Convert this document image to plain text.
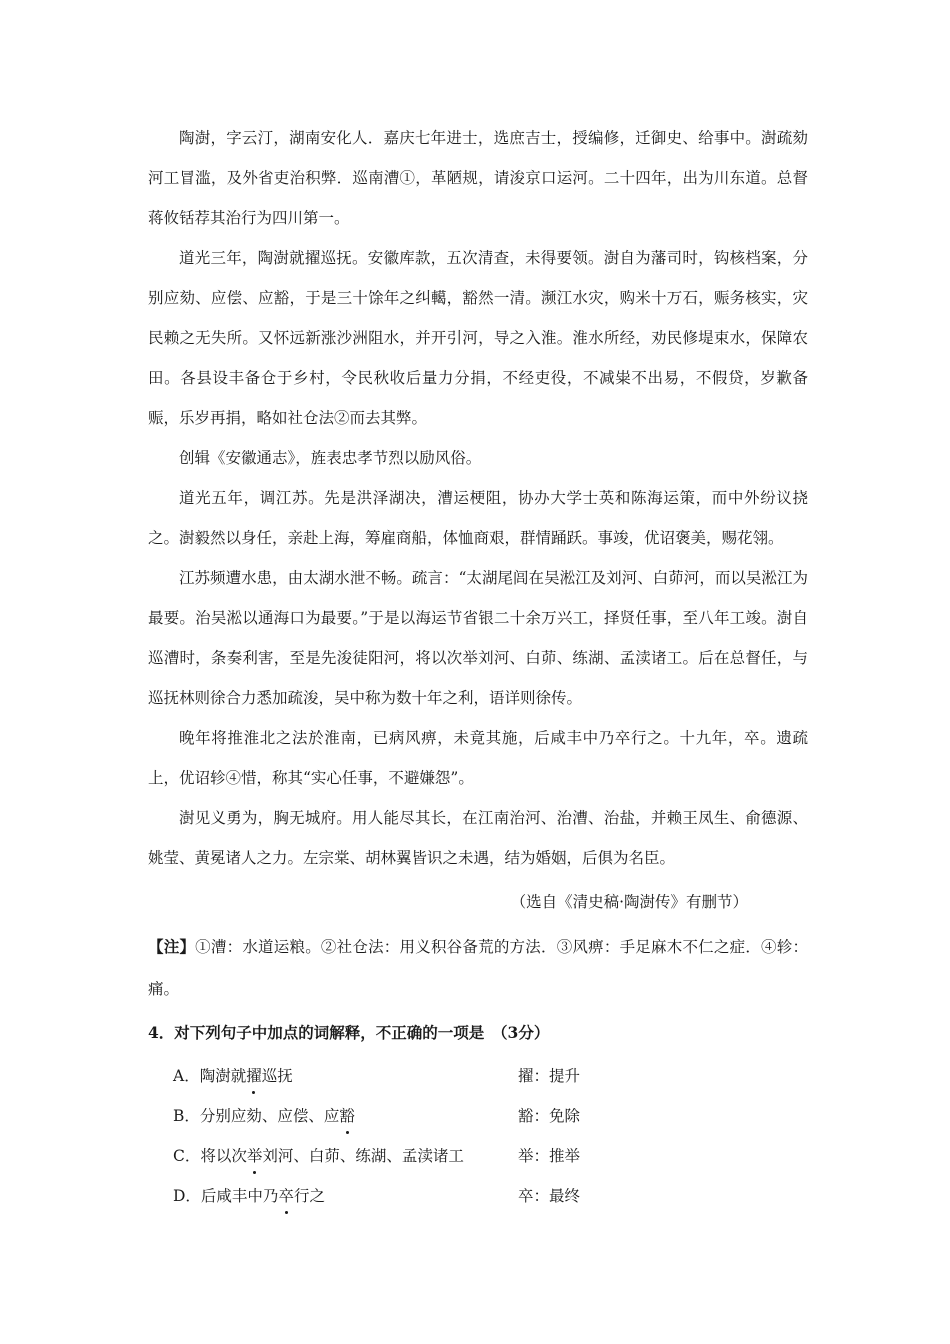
陶澍，字云汀，湖南安化人．嘉庆七年进士，选庶吉士，授编修，迁御史、给事中。澍疏劾河工冒滥，及外省吏治积弊．巡南漕①，革陋规，请浚京口运河。二十四年，出为川东道。总督蒋攸铦荐其治行为四川第一。

道光三年，陶澍就擢巡抚。安徽库款，五次清查，未得要领。澍自为藩司时，钩核档案，分别应劾、应偿、应豁，于是三十馀年之纠轕，豁然一清。濒江水灾，购米十万石，赈务核实，灾民赖之无失所。又怀远新涨沙洲阻水，并开引河，导之入淮。淮水所经，劝民修堤束水，保障农田。各县设丰备仓于乡村，令民秋收后量力分捐，不经吏役，不减粜不出易，不假贷，岁歉备赈，乐岁再捐，略如社仓法②而去其弊。

创辑《安徽通志》，旌表忠孝节烈以励风俗。

道光五年，调江苏。先是洪泽湖决，漕运梗阻，协办大学士英和陈海运策，而中外纷议挠之。澍毅然以身任，亲赴上海，筹雇商船，体恤商艰，群情踊跃。事竣，优诏褒美，赐花翎。

江苏频遭水患，由太湖水泄不畅。疏言：“太湖尾闾在吴淞江及刘河、白茆河，而以吴淞江为最要。治吴淞以通海口为最要。”于是以海运节省银二十余万兴工，择贤任事，至八年工竣。澍自巡漕时，条奏利害，至是先浚徒阳河，将以次举刘河、白茆、练湖、孟渎诸工。后在总督任，与巡抚林则徐合力悉加疏浚，吴中称为数十年之利，语详则徐传。

晚年将推淮北之法於淮南，已病风痹，未竟其施，后咸丰中乃卒行之。十九年，卒。遗疏上，优诏轸④惜，称其“实心任事，不避嫌怨”。

澍见义勇为，胸无城府。用人能尽其长，在江南治河、治漕、治盐，并赖王凤生、俞德源、姚莹、黄冕诸人之力。左宗棠、胡林翼皆识之未遇，结为婚姻，后俱为名臣。

（选自《清史稿·陶澍传》有删节）

【注】①漕：水道运粮。②社仓法：用义积谷备荒的方法．③风痹：手足麻木不仁之症．④轸：痛。

4．对下列句子中加点的词解释，不正确的一项是　（3分）

A．陶澍就擢巡抚	擢：提升
B．分别应劾、应偿、应豁	豁：免除
C．将以次举刘河、白茆、练湖、孟渎诸工	举：推举
D．后咸丰中乃卒行之	卒：最终
